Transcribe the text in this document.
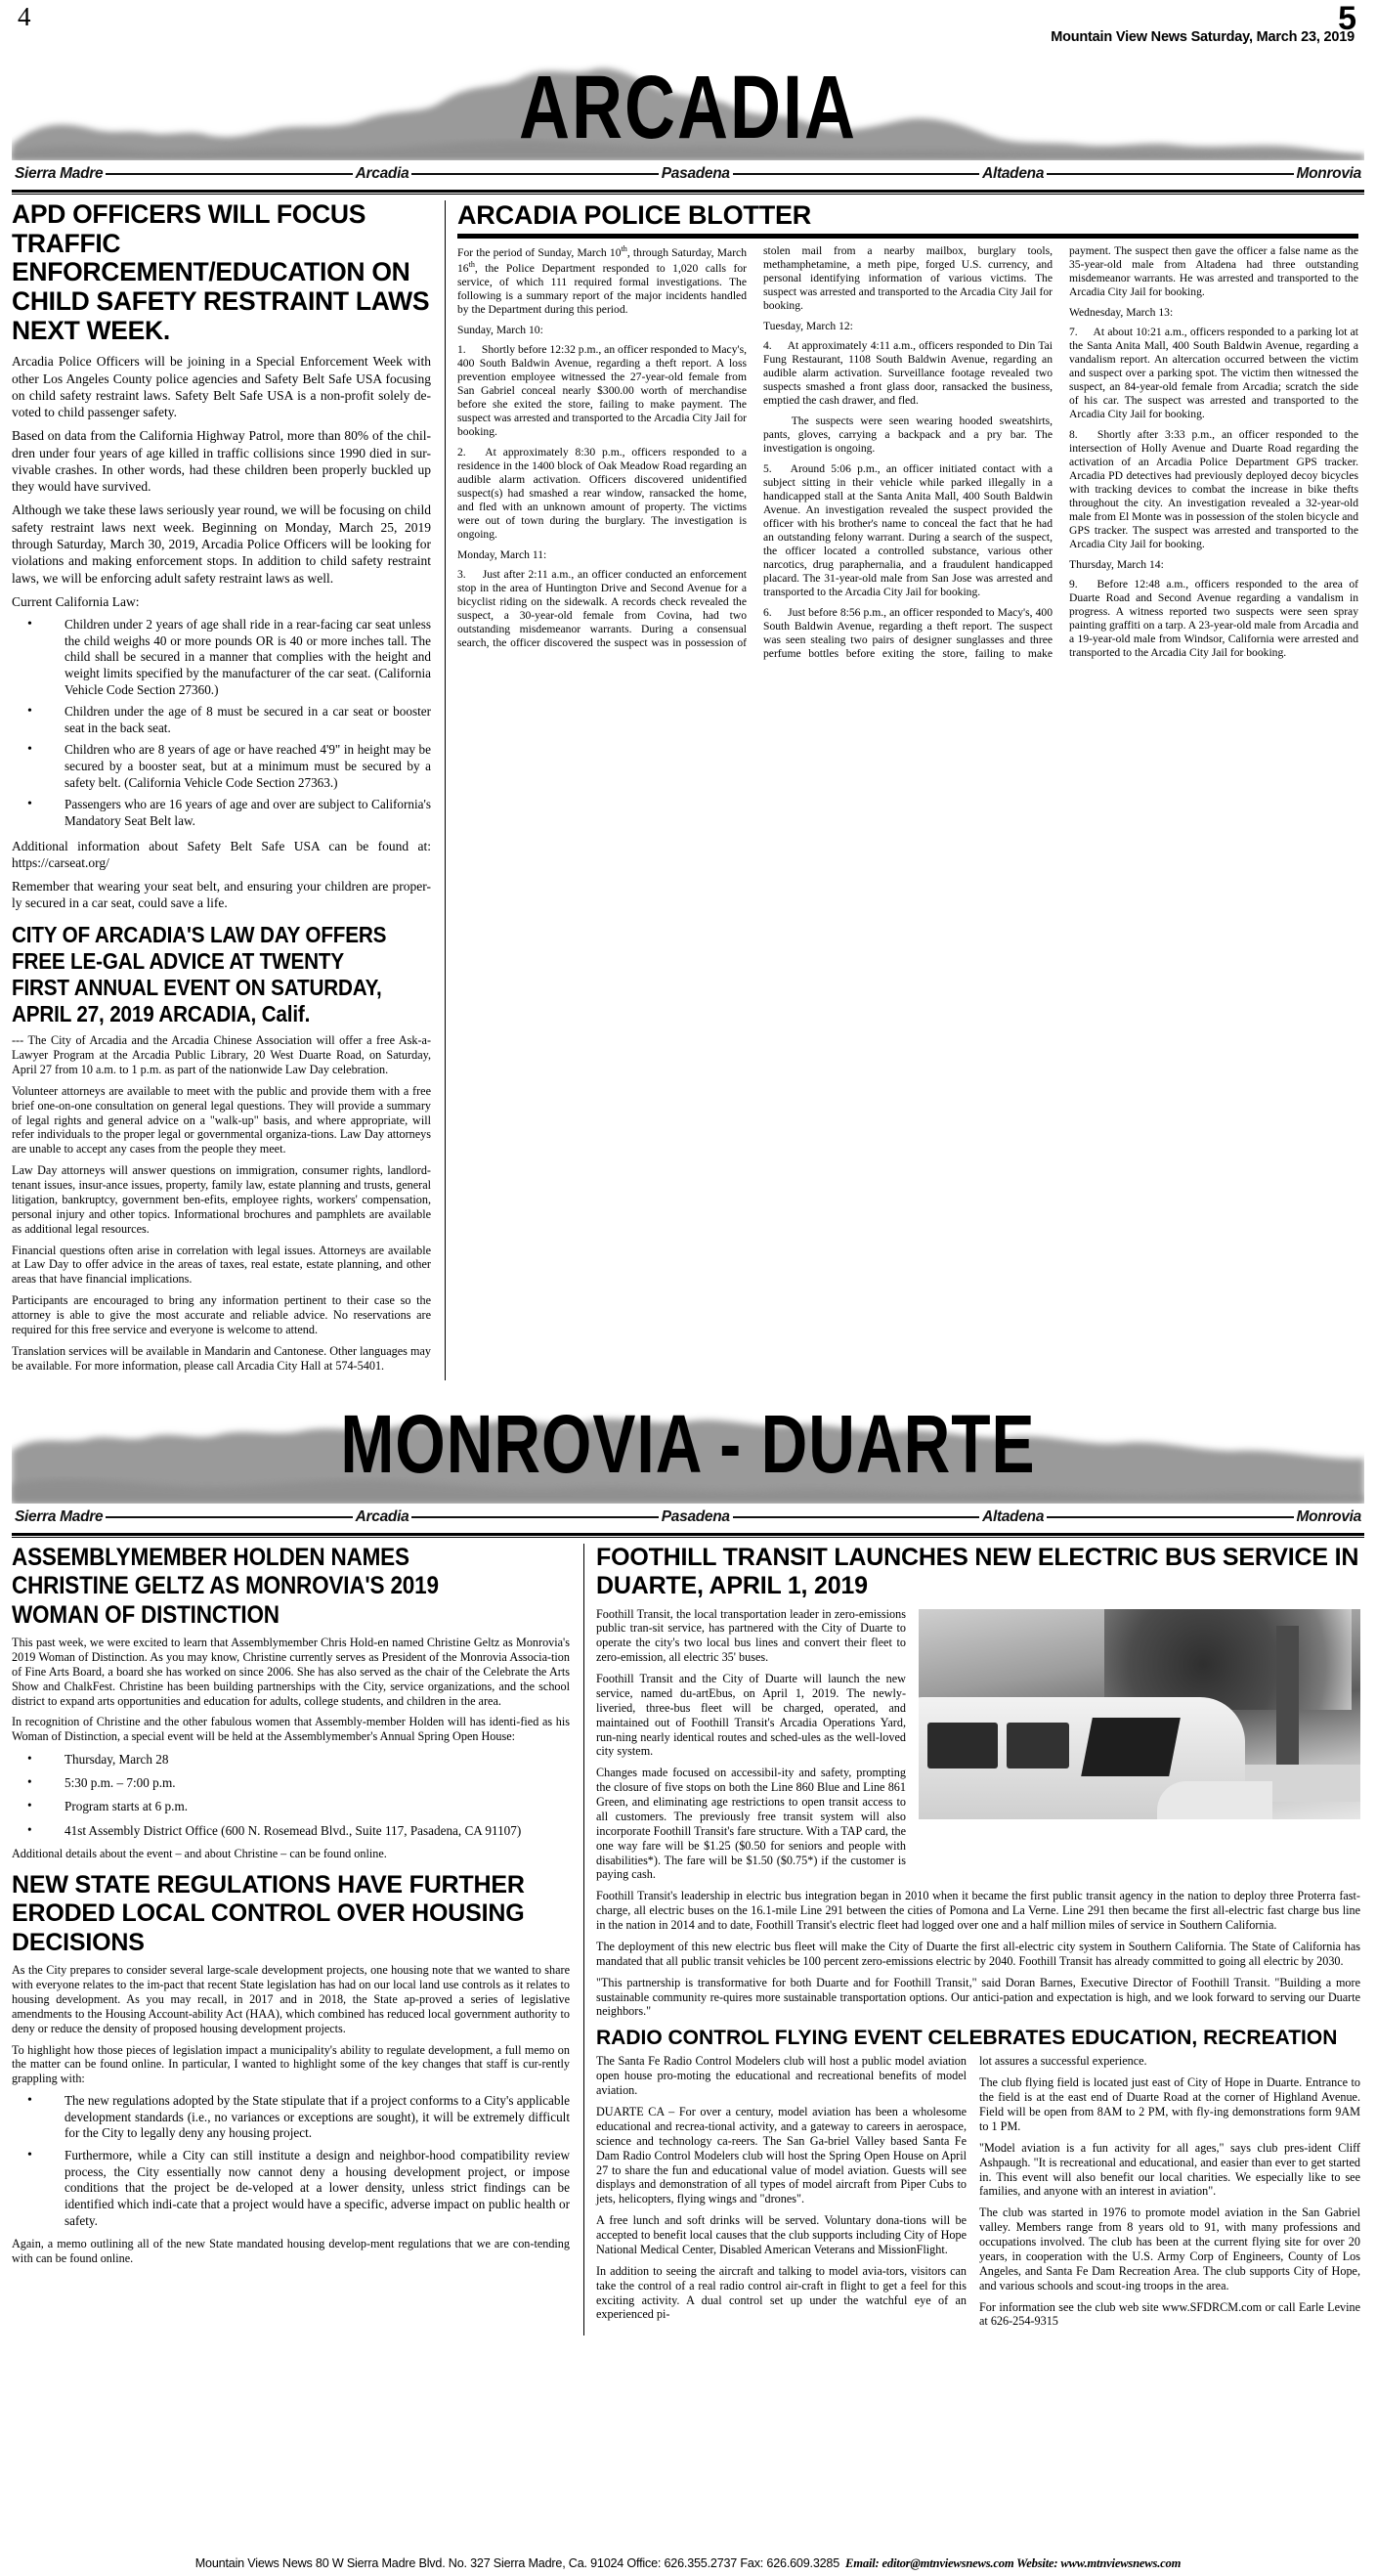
4	5
Mountain View News Saturday, March 23, 2019
ARCADIA
Sierra Madre	Arcadia	Pasadena	Altadena	Monrovia
APD OFFICERS WILL FOCUS TRAFFIC ENFORCEMENT/EDUCATION ON CHILD SAFETY RESTRAINT LAWS NEXT WEEK.

Arcadia Police Officers will be joining in a Special Enforcement Week with other Los Angeles County police agencies and Safety Belt Safe USA focusing on child safety restraint laws. Safety Belt Safe USA is a non-profit solely de-voted to child passenger safety.

Based on data from the California Highway Patrol, more than 80% of the chil-dren under four years of age killed in traffic collisions since 1990 died in sur-vivable crashes. In other words, had these children been properly buckled up they would have survived.

Although we take these laws seriously year round, we will be focusing on child safety restraint laws next week. Beginning on Monday, March 25, 2019 through Saturday, March 30, 2019, Arcadia Police Officers will be looking for violations and making enforcement stops. In addition to child safety restraint laws, we will be enforcing adult safety restraint laws as well.

Current California Law:

• Children under 2 years of age shall ride in a rear-facing car seat unless the child weighs 40 or more pounds OR is 40 or more inches tall. The child shall be secured in a manner that complies with the height and weight limits specified by the manufacturer of the car seat. (California Vehicle Code Section 27360.)
• Children under the age of 8 must be secured in a car seat or booster seat in the back seat.
• Children who are 8 years of age or have reached 4'9" in height may be secured by a booster seat, but at a minimum must be secured by a safety belt. (California Vehicle Code Section 27363.)
• Passengers who are 16 years of age and over are subject to California's Mandatory Seat Belt law.

Additional information about Safety Belt Safe USA can be found at: https://carseat.org/

Remember that wearing your seat belt, and ensuring your children are proper-ly secured in a car seat, could save a life.

CITY OF ARCADIA'S LAW DAY OFFERS FREE LE-GAL ADVICE AT TWENTY FIRST ANNUAL EVENT ON SATURDAY, APRIL 27, 2019 ARCADIA, Calif.

--- The City of Arcadia and the Arcadia Chinese Association will offer a free Ask-a-Lawyer Program at the Arcadia Public Library, 20 West Duarte Road, on Saturday, April 27 from 10 a.m. to 1 p.m. as part of the nationwide Law Day celebration.

Volunteer attorneys are available to meet with the public and provide them with a free brief one-on-one consultation on general legal questions. They will provide a summary of legal rights and general advice on a "walk-up" basis, and where appropriate, will refer individuals to the proper legal or governmental organiza-tions. Law Day attorneys are unable to accept any cases from the people they meet.

Law Day attorneys will answer questions on immigration, consumer rights, landlord-tenant issues, insur-ance issues, property, family law, estate planning and trusts, general litigation, bankruptcy, government ben-efits, employee rights, workers' compensation, personal injury and other topics. Informational brochures and pamphlets are available as additional legal resources.

Financial questions often arise in correlation with legal issues. Attorneys are available at Law Day to offer advice in the areas of taxes, real estate, estate planning, and other areas that have financial implications.

Participants are encouraged to bring any information pertinent to their case so the attorney is able to give the most accurate and reliable advice. No reservations are required for this free service and everyone is welcome to attend.

Translation services will be available in Mandarin and Cantonese. Other languages may be available. For more information, please call Arcadia City Hall at 574-5401.

ARCADIA POLICE BLOTTER

For the period of Sunday, March 10th, through Saturday, March 16th, the Police Department responded to 1,020 calls for service, of which 111 required formal investigations. The following is a summary report of the major incidents handled by the Department during this period.

Sunday, March 10:

1. Shortly before 12:32 p.m., an officer responded to Macy's, 400 South Baldwin Avenue, regarding a theft report. A loss prevention employee witnessed the 27-year-old female from San Gabriel conceal nearly $300.00 worth of merchandise before she exited the store, failing to make payment. The suspect was arrested and transported to the Arcadia City Jail for booking.

2. At approximately 8:30 p.m., officers responded to a residence in the 1400 block of Oak Meadow Road regarding an audible alarm activation. Officers discovered unidentified suspect(s) had smashed a rear window, ransacked the home, and fled with an unknown amount of property. The victims were out of town during the burglary. The investigation is ongoing.

Monday, March 11:

3. Just after 2:11 a.m., an officer conducted an enforcement stop in the area of Huntington Drive and Second Avenue for a bicyclist riding on the sidewalk. A records check revealed the suspect, a 30-year-old female from Covina, had two outstanding misdemeanor warrants. During a consensual search, the officer discovered the suspect was in possession of stolen mail from a nearby mailbox, burglary tools, methamphetamine, a meth pipe, forged U.S. currency, and personal identifying information of various victims. The suspect was arrested and transported to the Arcadia City Jail for booking.

Tuesday, March 12:

4. At approximately 4:11 a.m., officers responded to Din Tai Fung Restaurant, 1108 South Baldwin Avenue, regarding an audible alarm activation. Surveillance footage revealed two suspects smashed a front glass door, ransacked the business, emptied the cash drawer, and fled.

The suspects were seen wearing hooded sweatshirts, pants, gloves, carrying a backpack and a pry bar. The investigation is ongoing.

5. Around 5:06 p.m., an officer initiated contact with a subject sitting in their vehicle while parked illegally in a handicapped stall at the Santa Anita Mall, 400 South Baldwin Avenue. An investigation revealed the suspect provided the officer with his brother's name to conceal the fact that he had an outstanding felony warrant. During a search of the suspect, the officer located a controlled substance, various other narcotics, drug paraphernalia, and a fraudulent handicapped placard. The 31-year-old male from San Jose was arrested and transported to the Arcadia City Jail for booking.

6. Just before 8:56 p.m., an officer responded to Macy's, 400 South Baldwin Avenue, regarding a theft report. The suspect was seen stealing two pairs of designer sunglasses and three perfume bottles before exiting the store, failing to make payment. The suspect then gave the officer a false name as the 35-year-old male from Altadena had three outstanding misdemeanor warrants. He was arrested and transported to the Arcadia City Jail for booking.

Wednesday, March 13:

7. At about 10:21 a.m., officers responded to a parking lot at the Santa Anita Mall, 400 South Baldwin Avenue, regarding a vandalism report. An altercation occurred between the victim and suspect over a parking spot. The victim then witnessed the suspect, an 84-year-old female from Arcadia; scratch the side of his car. The suspect was arrested and transported to the Arcadia City Jail for booking.

8. Shortly after 3:33 p.m., an officer responded to the intersection of Holly Avenue and Duarte Road regarding the activation of an Arcadia Police Department GPS tracker. Arcadia PD detectives had previously deployed decoy bicycles with tracking devices to combat the increase in bike thefts throughout the city. An investigation revealed a 32-year-old male from El Monte was in possession of the stolen bicycle and GPS tracker. The suspect was arrested and transported to the Arcadia City Jail for booking.

Thursday, March 14:

9. Before 12:48 a.m., officers responded to the area of Duarte Road and Second Avenue regarding a vandalism in progress. A witness reported two suspects were seen spray painting graffiti on a tarp. A 23-year-old male from Arcadia and a 19-year-old male from Windsor, California were arrested and transported to the Arcadia City Jail for booking.

MONROVIA - DUARTE
Sierra Madre	Arcadia	Pasadena	Altadena	Monrovia
ASSEMBLYMEMBER HOLDEN NAMES CHRISTINE GELTZ AS MONROVIA'S 2019 WOMAN OF DISTINCTION

This past week, we were excited to learn that Assemblymember Chris Hold-en named Christine Geltz as Monrovia's 2019 Woman of Distinction. As you may know, Christine currently serves as President of the Monrovia Associa-tion of Fine Arts Board, a board she has worked on since 2006. She has also served as the chair of the Celebrate the Arts Show and ChalkFest. Christine has been building partnerships with the City, service organizations, and the school district to expand arts opportunities and education for adults, college students, and children in the area.

In recognition of Christine and the other fabulous women that Assembly-member Holden will has identi-fied as his Woman of Distinction, a special event will be held at the Assemblymember's Annual Spring Open House:

• Thursday, March 28
• 5:30 p.m. – 7:00 p.m.
• Program starts at 6 p.m.
• 41st Assembly District Office (600 N. Rosemead Blvd., Suite 117, Pasadena, CA 91107)

Additional details about the event – and about Christine – can be found online.

NEW STATE REGULATIONS HAVE FURTHER ERODED LOCAL CONTROL OVER HOUSING DECISIONS

As the City prepares to consider several large-scale development projects, one housing note that we wanted to share with everyone relates to the im-pact that recent State legislation has had on our local land use controls as it relates to housing development. As you may recall, in 2017 and in 2018, the State ap-proved a series of legislative amendments to the Housing Account-ability Act (HAA), which combined has reduced local government authority to deny or reduce the density of proposed housing development projects.

To highlight how those pieces of legislation impact a municipality's ability to regulate development, a full memo on the matter can be found online. In particular, I wanted to highlight some of the key changes that staff is cur-rently grappling with:

• The new regulations adopted by the State stipulate that if a project conforms to a City's applicable development standards (i.e., no variances or exceptions are sought), it will be extremely difficult for the City to legally deny any housing project.
• Furthermore, while a City can still institute a design and neighbor-hood compatibility review process, the City essentially now cannot deny a housing development project, or impose conditions that the project be de-veloped at a lower density, unless strict findings can be identified which indi-cate that a project would have a specific, adverse impact on public health or safety.

Again, a memo outlining all of the new State mandated housing develop-ment regulations that we are con-tending with can be found online.

FOOTHILL TRANSIT LAUNCHES NEW ELECTRIC BUS SERVICE IN DUARTE, APRIL 1, 2019

Foothill Transit, the local transportation leader in zero-emissions public tran-sit service, has partnered with the City of Duarte to operate the city's two local bus lines and convert their fleet to zero-emission, all electric 35' buses.

Foothill Transit and the City of Duarte will launch the new service, named du-artEbus, on April 1, 2019. The newly-liveried, three-bus fleet will be charged, operated, and maintained out of Foothill Transit's Arcadia Operations Yard, run-ning nearly identical routes and sched-ules as the well-loved city system.

Changes made focused on accessibil-ity and safety, prompting the closure of five stops on both the Line 860 Blue and Line 861 Green, and eliminating age restrictions to open transit access to all customers. The previously free transit system will also incorporate Foothill Transit's fare structure. With a TAP card, the one way fare will be $1.25 ($0.50 for seniors and people with disabilities*). The fare will be $1.50 ($0.75*) if the customer is paying cash.

Foothill Transit's leadership in electric bus integration began in 2010 when it became the first public transit agency in the nation to deploy three Proterra fast-charge, all electric buses on the 16.1-mile Line 291 between the cities of Pomona and La Verne. Line 291 then became the first all-electric fast charge bus line in the nation in 2014 and to date, Foothill Transit's electric fleet had logged over one and a half million miles of service in Southern California.

The deployment of this new electric bus fleet will make the City of Duarte the first all-electric city system in Southern California. The State of California has mandated that all public transit vehicles be 100 percent zero-emissions electric by 2040. Foothill Transit has already committed to going all electric by 2030.

"This partnership is transformative for both Duarte and for Foothill Transit," said Doran Barnes, Executive Director of Foothill Transit. "Building a more sustainable community re-quires more sustainable transportation options. Our antici-pation and expectation is high, and we look forward to serving our Duarte neighbors."

RADIO CONTROL FLYING EVENT CELEBRATES EDUCATION, RECREATION

The Santa Fe Radio Control Modelers club will host a public model aviation open house pro-moting the educational and recreational benefits of model aviation.

DUARTE CA – For over a century, model aviation has been a wholesome educational and recrea-tional activity, and a gateway to careers in aerospace, science and technology ca-reers. The San Ga-briel Valley based Santa Fe Dam Radio Control Modelers club will host the Spring Open House on April 27 to share the fun and educational value of model aviation. Guests will see displays and demonstration of all types of model aircraft from Piper Cubs to jets, helicopters, flying wings and "drones".

A free lunch and soft drinks will be served. Voluntary dona-tions will be accepted to benefit local causes that the club supports including City of Hope National Medical Center, Disabled American Veterans and MissionFlight.

In addition to seeing the aircraft and talking to model avia-tors, visitors can take the control of a real radio control air-craft in flight to get a feel for this exciting activity. A dual control set up under the watchful eye of an experienced pi-

lot assures a successful experience.

The club flying field is located just east of City of Hope in Duarte. Entrance to the field is at the east end of Duarte Road at the corner of Highland Avenue. Field will be open from 8AM to 2 PM, with fly-ing demonstrations form 9AM to 1 PM.

"Model aviation is a fun activity for all ages," says club pres-ident Cliff Ashpaugh. "It is recreational and educational, and easier than ever to get started in. This event will also benefit our local charities. We especially like to see families, and anyone with an interest in aviation".

The club was started in 1976 to promote model aviation in the San Gabriel valley. Members range from 8 years old to 91, with many professions and occupations involved. The club has been at the current flying site for over 20 years, in cooperation with the U.S. Army Corp of Engineers, County of Los Angeles, and Santa Fe Dam Recreation Area. The club supports City of Hope, and various schools and scout-ing troops in the area.

For information see the club web site www.SFDRCM.com or call Earle Levine at 626-254-9315

Mountain Views News 80 W Sierra Madre Blvd. No. 327 Sierra Madre, Ca. 91024 Office: 626.355.2737 Fax: 626.609.3285 Email: editor@mtnviewsnews.com Website: www.mtnviewsnews.com
